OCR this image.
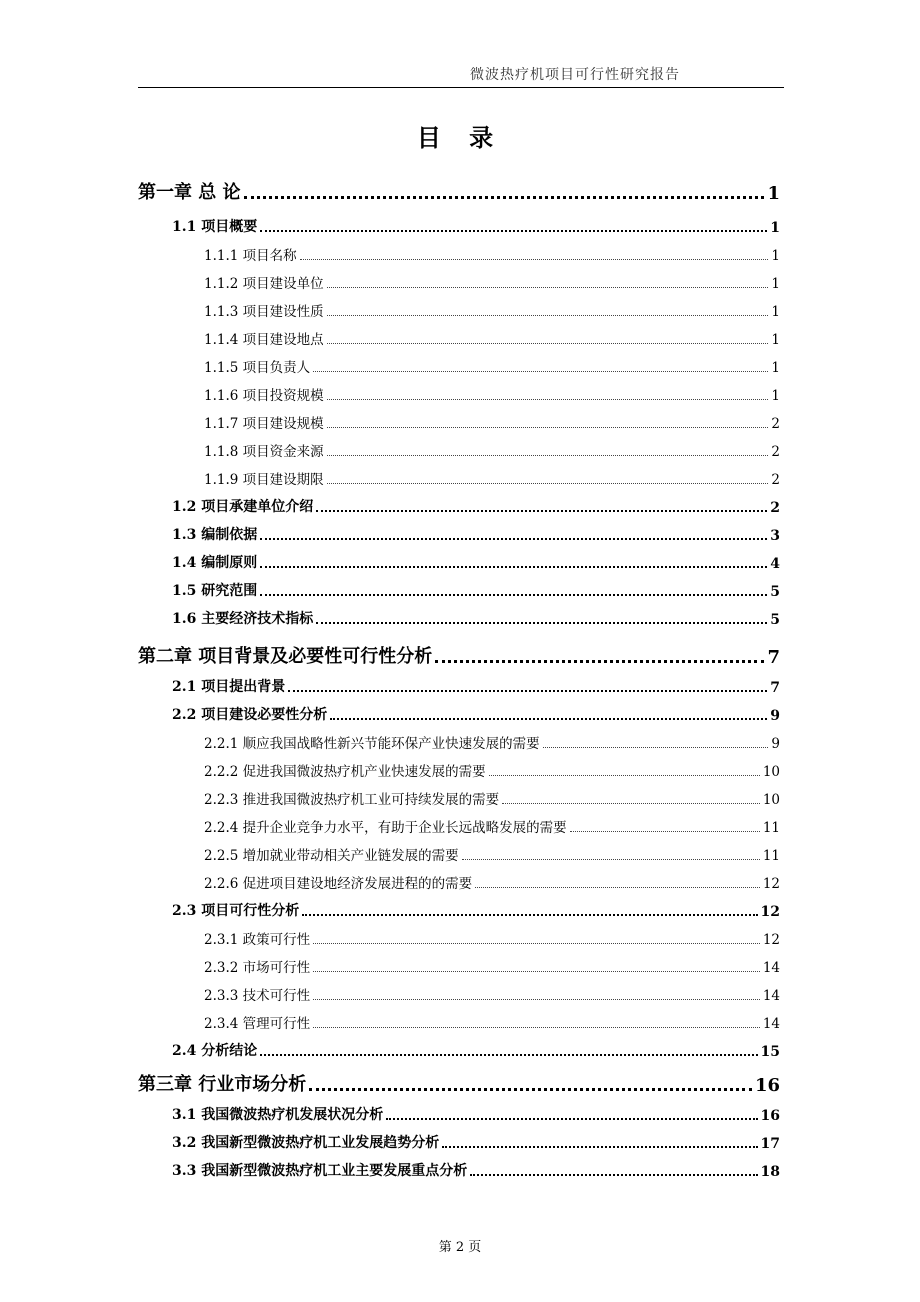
微波热疗机项目可行性研究报告
目 录
第一章 总 论	1
1.1 项目概要	1
1.1.1 项目名称	1
1.1.2 项目建设单位	1
1.1.3 项目建设性质	1
1.1.4 项目建设地点	1
1.1.5 项目负责人	1
1.1.6 项目投资规模	1
1.1.7 项目建设规模	2
1.1.8 项目资金来源	2
1.1.9 项目建设期限	2
1.2 项目承建单位介绍	2
1.3 编制依据	3
1.4 编制原则	4
1.5 研究范围	5
1.6 主要经济技术指标	5
第二章 项目背景及必要性可行性分析	7
2.1 项目提出背景	7
2.2 项目建设必要性分析	9
2.2.1 顺应我国战略性新兴节能环保产业快速发展的需要	9
2.2.2 促进我国微波热疗机产业快速发展的需要	10
2.2.3 推进我国微波热疗机工业可持续发展的需要	10
2.2.4 提升企业竞争力水平，有助于企业长远战略发展的需要	11
2.2.5 增加就业带动相关产业链发展的需要	11
2.2.6 促进项目建设地经济发展进程的的需要	12
2.3 项目可行性分析	12
2.3.1 政策可行性	12
2.3.2 市场可行性	14
2.3.3 技术可行性	14
2.3.4 管理可行性	14
2.4 分析结论	15
第三章 行业市场分析	16
3.1 我国微波热疗机发展状况分析	16
3.2 我国新型微波热疗机工业发展趋势分析	17
3.3 我国新型微波热疗机工业主要发展重点分析	18
第 2 页
